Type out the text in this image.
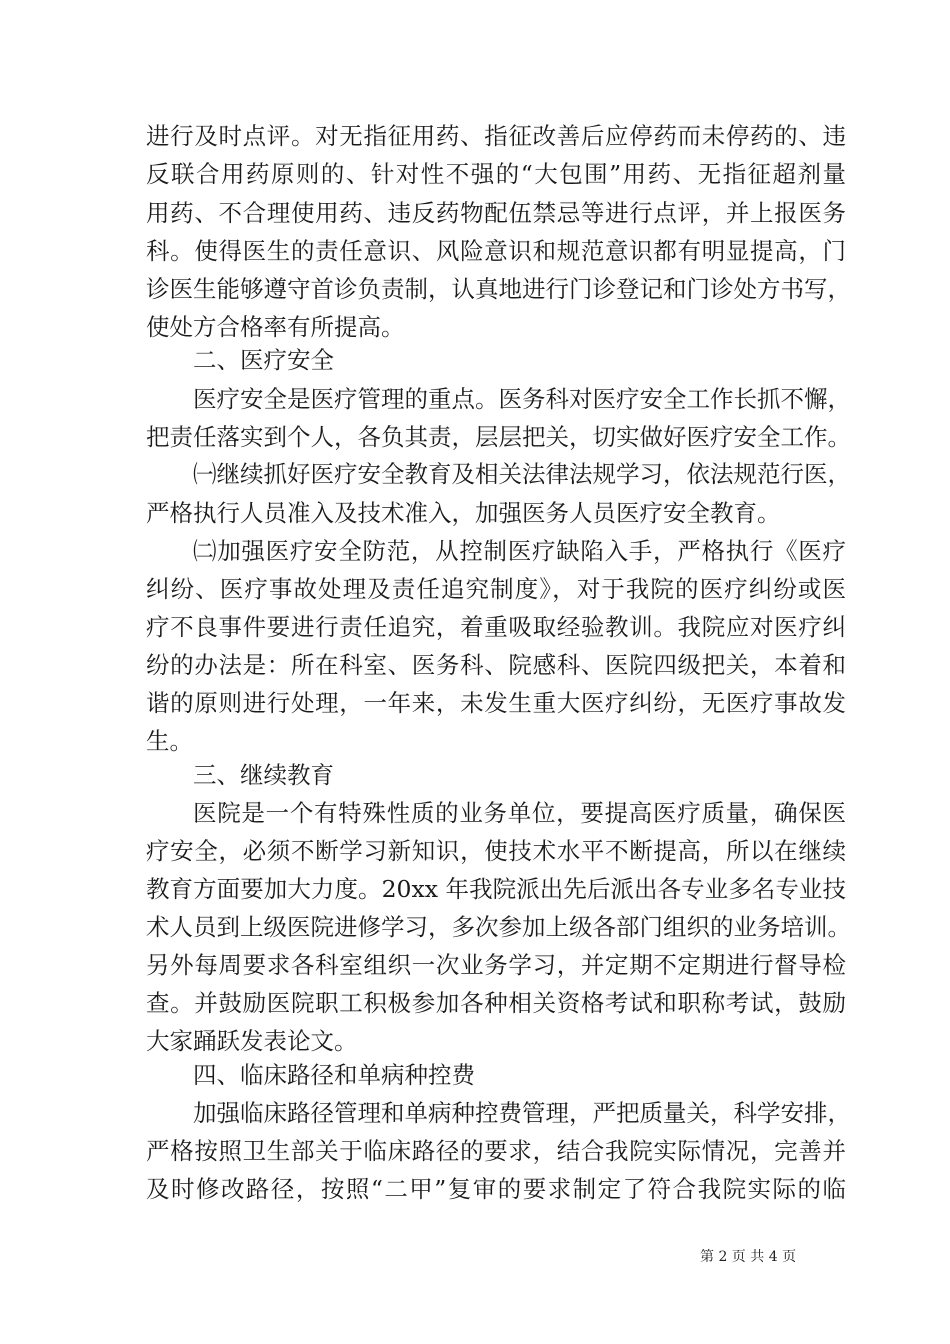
进行及时点评。对无指征用药、指征改善后应停药而未停药的、违
反联合用药原则的、针对性不强的“大包围”用药、无指征超剂量
用药、不合理使用药、违反药物配伍禁忌等进行点评，并上报医务
科。使得医生的责任意识、风险意识和规范意识都有明显提高，门
诊医生能够遵守首诊负责制，认真地进行门诊登记和门诊处方书写，
使处方合格率有所提高。
二、医疗安全
医疗安全是医疗管理的重点。医务科对医疗安全工作长抓不懈，
把责任落实到个人，各负其责，层层把关，切实做好医疗安全工作。
㈠继续抓好医疗安全教育及相关法律法规学习，依法规范行医，
严格执行人员准入及技术准入，加强医务人员医疗安全教育。
㈡加强医疗安全防范，从控制医疗缺陷入手，严格执行《医疗
纠纷、医疗事故处理及责任追究制度》，对于我院的医疗纠纷或医
疗不良事件要进行责任追究，着重吸取经验教训。我院应对医疗纠
纷的办法是：所在科室、医务科、院感科、医院四级把关，本着和
谐的原则进行处理，一年来，未发生重大医疗纠纷，无医疗事故发
生。
三、继续教育
医院是一个有特殊性质的业务单位，要提高医疗质量，确保医
疗安全，必须不断学习新知识，使技术水平不断提高，所以在继续
教育方面要加大力度。20xx 年我院派出先后派出各专业多名专业技
术人员到上级医院进修学习，多次参加上级各部门组织的业务培训。
另外每周要求各科室组织一次业务学习，并定期不定期进行督导检
查。并鼓励医院职工积极参加各种相关资格考试和职称考试，鼓励
大家踊跃发表论文。
四、临床路径和单病种控费
加强临床路径管理和单病种控费管理，严把质量关，科学安排，
严格按照卫生部关于临床路径的要求，结合我院实际情况，完善并
及时修改路径，按照“二甲”复审的要求制定了符合我院实际的临
第 2 页 共 4 页
